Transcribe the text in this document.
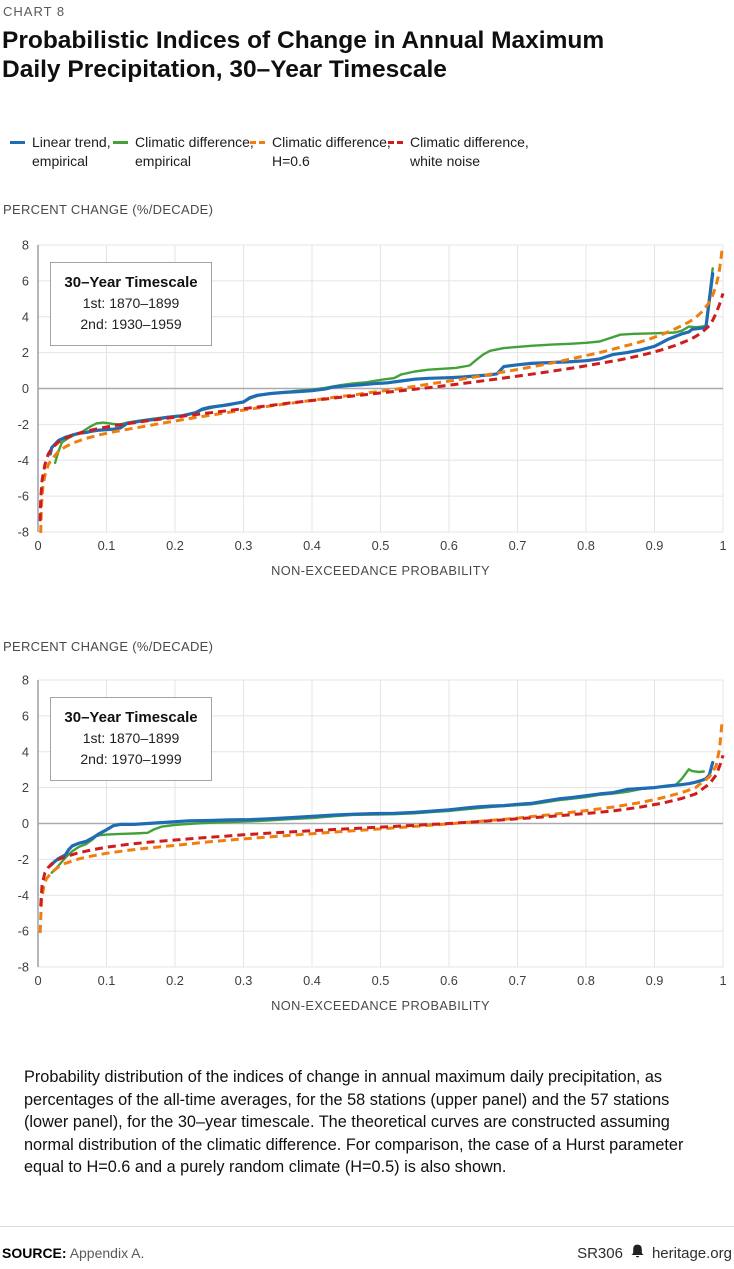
CHART 8
Probabilistic Indices of Change in Annual Maximum
Daily Precipitation, 30–Year Timescale
Linear trend,
empirical
Climatic difference,
empirical
Climatic difference,
H=0.6
Climatic difference,
white noise
PERCENT CHANGE (%/DECADE)
8
6
4
2
0
-2
-4
-6
-8
0	0.1	0.2	0.3	0.4	0.5	0.6	0.7	0.8	0.9	1
NON-EXCEEDANCE PROBABILITY
30–Year Timescale
1st: 1870–1899
2nd: 1930–1959
PERCENT CHANGE (%/DECADE)
8
6
4
2
0
-2
-4
-6
-8
0	0.1	0.2	0.3	0.4	0.5	0.6	0.7	0.8	0.9	1
NON-EXCEEDANCE PROBABILITY
30–Year Timescale
1st: 1870–1899
2nd: 1970–1999
Probability distribution of the indices of change in annual maximum daily precipitation, as percentages of the all-time averages, for the 58 stations (upper panel) and the 57 stations (lower panel), for the 30–year timescale. The theoretical curves are constructed assuming normal distribution of the climatic difference. For comparison, the case of a Hurst parameter equal to H=0.6 and a purely random climate (H=0.5) is also shown.
SOURCE: Appendix A.	SR306 heritage.org
